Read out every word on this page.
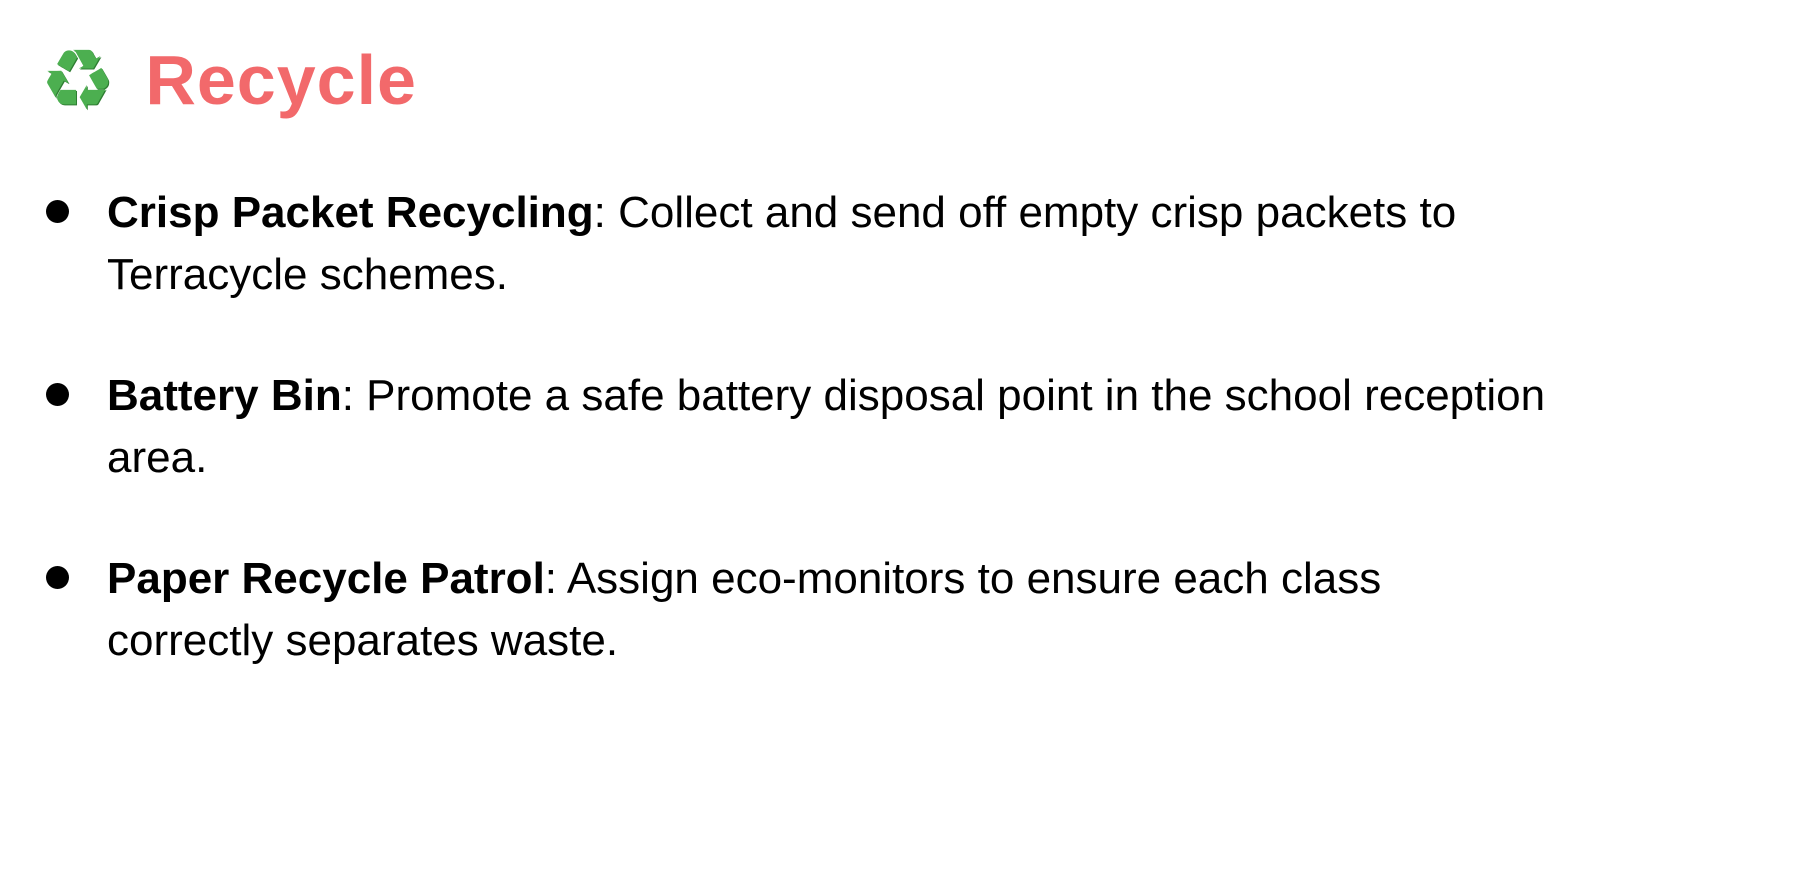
♻ Recycle

Crisp Packet Recycling: Collect and send off empty crisp packets to Terracycle schemes.

Battery Bin: Promote a safe battery disposal point in the school reception area.

Paper Recycle Patrol: Assign eco-monitors to ensure each class correctly separates waste.
